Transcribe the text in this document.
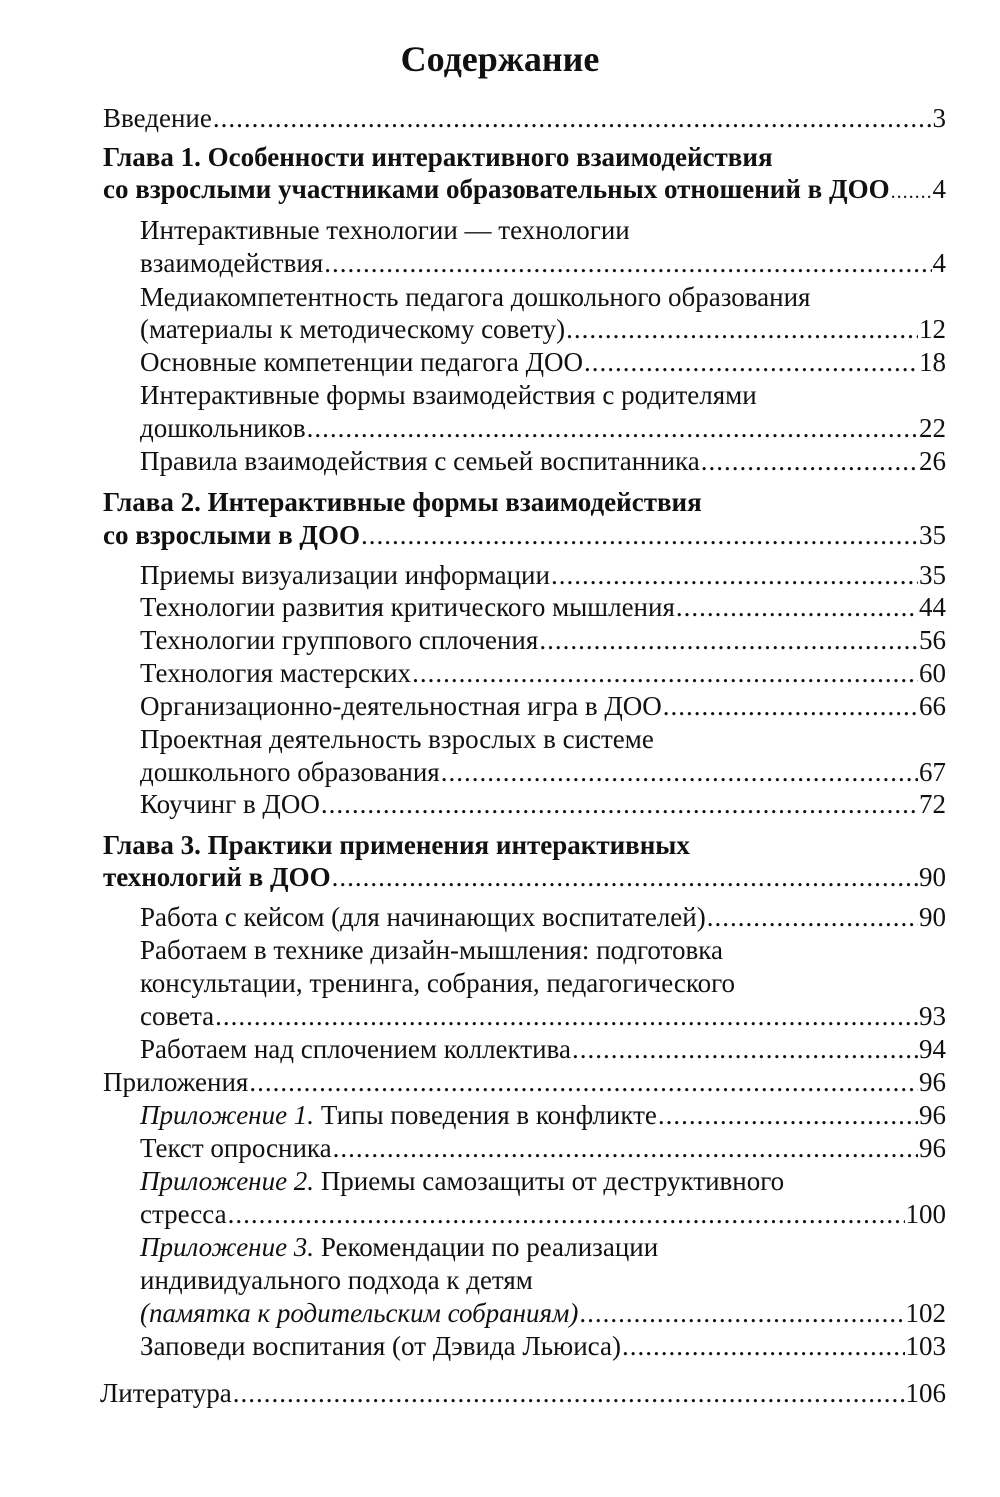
Содержание
Введение .....	3
Глава 1. Особенности интерактивного взаимодействия
со взрослыми участниками образовательных отношений в ДОО ..... 4
Интерактивные технологии — технологии
взаимодействия .....	4
Медиакомпетентность педагога дошкольного образования
(материалы к методическому совету) .....	12
Основные компетенции педагога ДОО .....	18
Интерактивные формы взаимодействия с родителями
дошкольников .....	22
Правила взаимодействия с семьей воспитанника .....	26
Глава 2. Интерактивные формы взаимодействия
со взрослыми в ДОО .....	35
Приемы визуализации информации .....	35
Технологии развития критического мышления .....	44
Технологии группового сплочения .....	56
Технология мастерских .....	60
Организационно-деятельностная игра в ДОО .....	66
Проектная деятельность взрослых в системе
дошкольного образования .....	67
Коучинг в ДОО .....	72
Глава 3. Практики применения интерактивных
технологий в ДОО .....	90
Работа с кейсом (для начинающих воспитателей) .....	90
Работаем в технике дизайн-мышления: подготовка
консультации, тренинга, собрания, педагогического
совета .....	93
Работаем над сплочением коллектива .....	94
Приложения .....	96
Приложение 1. Типы поведения в конфликте .....	96
Текст опросника .....	96
Приложение 2. Приемы самозащиты от деструктивного
стресса .....	100
Приложение 3. Рекомендации по реализации
индивидуального подхода к детям
(памятка к родительским собраниям) .....	102
Заповеди воспитания (от Дэвида Льюиса) .....	103
Литература .....	106
